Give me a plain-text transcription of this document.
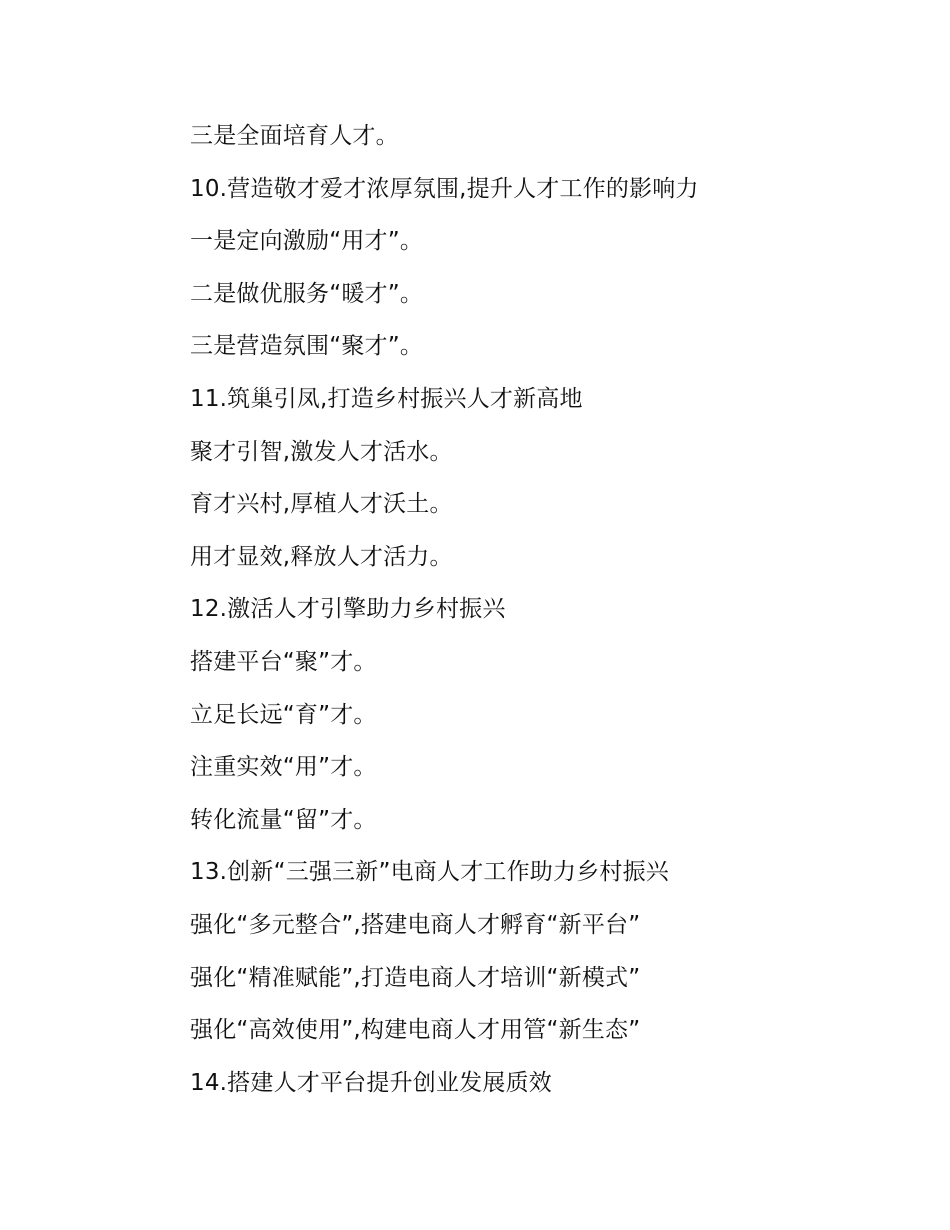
三是全面培育人才。
10.营造敬才爱才浓厚氛围,提升人才工作的影响力
一是定向激励“用才”。
二是做优服务“暖才”。
三是营造氛围“聚才”。
11.筑巢引凤,打造乡村振兴人才新高地
聚才引智,激发人才活水。
育才兴村,厚植人才沃土。
用才显效,释放人才活力。
12.激活人才引擎助力乡村振兴
搭建平台“聚”才。
立足长远“育”才。
注重实效“用”才。
转化流量“留”才。
13.创新“三强三新”电商人才工作助力乡村振兴
强化“多元整合”,搭建电商人才孵育“新平台”
强化“精准赋能”,打造电商人才培训“新模式”
强化“高效使用”,构建电商人才用管“新生态”
14.搭建人才平台提升创业发展质效
